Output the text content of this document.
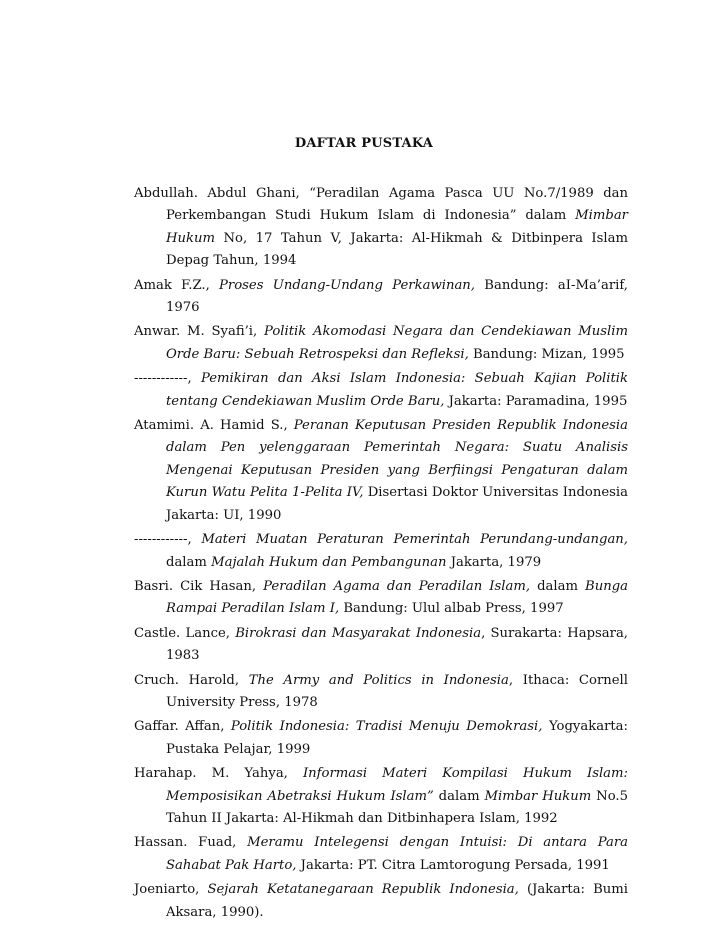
DAFTAR PUSTAKA

Abdullah. Abdul Ghani, “Peradilan Agama Pasca UU No.7/1989 dan Perkembangan Studi Hukum Islam di Indonesia” dalam Mimbar Hukum No, 17 Tahun V, Jakarta: Al-Hikmah & Ditbinpera Islam Depag Tahun, 1994

Amak F.Z., Proses Undang-Undang Perkawinan, Bandung: aI-Ma’arif, 1976

Anwar. M. Syafi’i, Politik Akomodasi Negara dan Cendekiawan Muslim Orde Baru: Sebuah Retrospeksi dan Refleksi, Bandung: Mizan, 1995

------------, Pemikiran dan Aksi Islam Indonesia: Sebuah Kajian Politik tentang Cendekiawan Muslim Orde Baru, Jakarta: Paramadina, 1995

Atamimi. A. Hamid S., Peranan Keputusan Presiden Republik Indonesia dalam Pen yelenggaraan Pemerintah Negara: Suatu Analisis Mengenai Keputusan Presiden yang Berfiingsi Pengaturan dalam Kurun Watu Pelita 1-Pelita IV, Disertasi Doktor Universitas Indonesia Jakarta: UI, 1990

------------, Materi Muatan Peraturan Pemerintah Perundang-undangan, dalam Majalah Hukum dan Pembangunan Jakarta, 1979

Basri. Cik Hasan, Peradilan Agama dan Peradilan Islam, dalam Bunga Rampai Peradilan Islam I, Bandung: Ulul albab Press, 1997

Castle. Lance, Birokrasi dan Masyarakat Indonesia, Surakarta: Hapsara, 1983

Cruch. Harold, The Army and Politics in Indonesia, Ithaca: Cornell University Press, 1978

Gaffar. Affan, Politik Indonesia: Tradisi Menuju Demokrasi, Yogyakarta: Pustaka Pelajar, 1999

Harahap. M. Yahya, Informasi Materi Kompilasi Hukum Islam: Memposisikan Abetraksi Hukum Islam” dalam Mimbar Hukum No.5 Tahun II Jakarta: Al-Hikmah dan Ditbinhapera Islam, 1992

Hassan. Fuad, Meramu Intelegensi dengan Intuisi: Di antara Para Sahabat Pak Harto, Jakarta: PT. Citra Lamtorogung Persada, 1991

Joeniarto, Sejarah Ketatanegaraan Republik Indonesia, (Jakarta: Bumi Aksara, 1990).
